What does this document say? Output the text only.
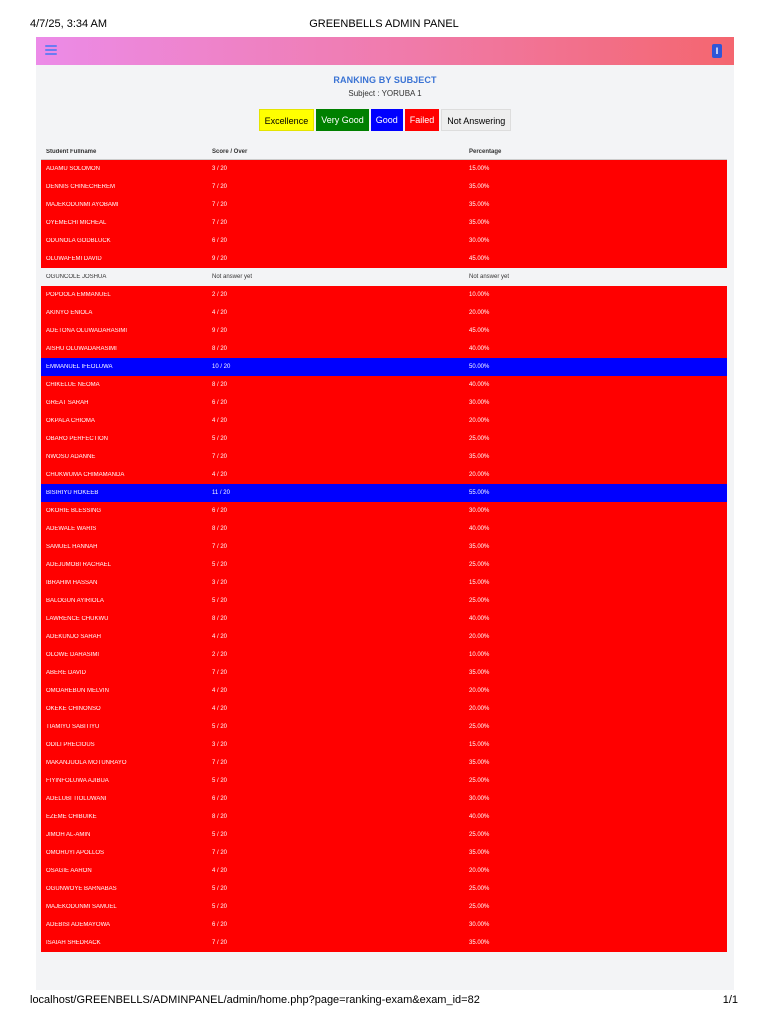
4/7/25, 3:34 AM	GREENBELLS ADMIN PANEL
I
RANKING BY SUBJECT
Subject : YORUBA 1
Excellence	Very Good	Good	Failed	Not Answering
Student Fullname	Score / Over	Percentage
ADAMU SOLOMON	3 / 20	15.00%
DENNIS CHINECHEREM	7 / 20	35.00%
MAJEKODUNMI AYOBAMI	7 / 20	35.00%
OYEMECHI MICHEAL	7 / 20	35.00%
ODUNOLA GODBLUCK	6 / 20	30.00%
OLUWAFEMI DAVID	9 / 20	45.00%
OGUNCOLE JOSHUA	Not answer yet	Not answer yet
POPOOLA EMMANUEL	2 / 20	10.00%
AKINYO ENIOLA	4 / 20	20.00%
ADETONA OLUWADARASIMI	9 / 20	45.00%
AISHU OLUWADARASIMI	8 / 20	40.00%
EMMANUEL IFEOLUWA	10 / 20	50.00%
CHIKELUE NEOMA	8 / 20	40.00%
GREAT SARAH	6 / 20	30.00%
OKPALA CHIOMA	4 / 20	20.00%
OBARO PERFECTION	5 / 20	25.00%
NWOSU ADANNE	7 / 20	35.00%
CHUKWUMA CHIMAMANDA	4 / 20	20.00%
BISIRIYU ROKEEB	11 / 20	55.00%
OKORIE BLESSING	6 / 20	30.00%
ADEWALE WARIS	8 / 20	40.00%
SAMUEL HANNAH	7 / 20	35.00%
ADEJUMOBI RACHAEL	5 / 20	25.00%
IBRAHIM HASSAN	3 / 20	15.00%
BALOGUN AYIRIOLA	5 / 20	25.00%
LAWRENCE CHUKWU	8 / 20	40.00%
ADEKUNJO SARAH	4 / 20	20.00%
OLOWE DARASIMI	2 / 20	10.00%
ABERE DAVID	7 / 20	35.00%
OMOAREBUN MELVIN	4 / 20	20.00%
OKEKE CHINONSO	4 / 20	20.00%
TIAMIYU SABITIYU	5 / 20	25.00%
ODILI PRECIOUS	3 / 20	15.00%
MAKANJUOLA MOTUNRAYO	7 / 20	35.00%
FIYINFOLUWA AJIBUA	5 / 20	25.00%
ADELUBI TIOLUWANI	6 / 20	30.00%
EZEME CHIBUIKE	8 / 20	40.00%
JIMOH AL-AMIN	5 / 20	25.00%
OMORUYI APOLLOS	7 / 20	35.00%
OSAGIE AARON	4 / 20	20.00%
OGUNWOYE BARNABAS	5 / 20	25.00%
MAJEKODUNMI SAMUEL	5 / 20	25.00%
ADEBISI ADEMAYOWA	6 / 20	30.00%
ISAIAH SHEDRACK	7 / 20	35.00%
localhost/GREENBELLS/ADMINPANEL/admin/home.php?page=ranking-exam&exam_id=82	1/1
